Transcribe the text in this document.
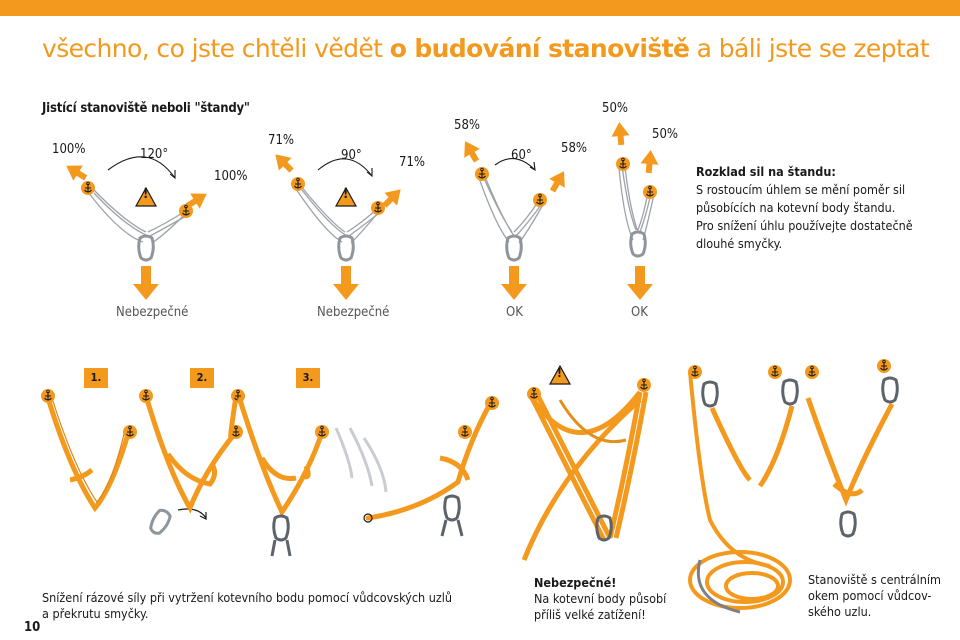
všechno, co jste chtěli vědět o budování stanoviště a báli jste se zeptat
Jistící stanoviště neboli "štandy"
100%	120°
100%
71%
90°	71%
58%
60° 58%
50%
50%
!	!
!
Nebezpečné	Nebezpečné	OK	OK
Rozklad sil na štandu:
S rostoucím úhlem se mění poměr sil
působících na kotevní body štandu.
Pro snížení úhlu používejte dostatečně
dlouhé smyčky.
1.	2.	3.
Snížení rázové síly při vytržení kotevního bodu pomocí vůdcovských uzlů
a překrutu smyčky.
Nebezpečné!
Na kotevní body působí
příliš velké zatížení!
Stanoviště s centrálním
okem pomocí vůdcov-
ského uzlu.
10
